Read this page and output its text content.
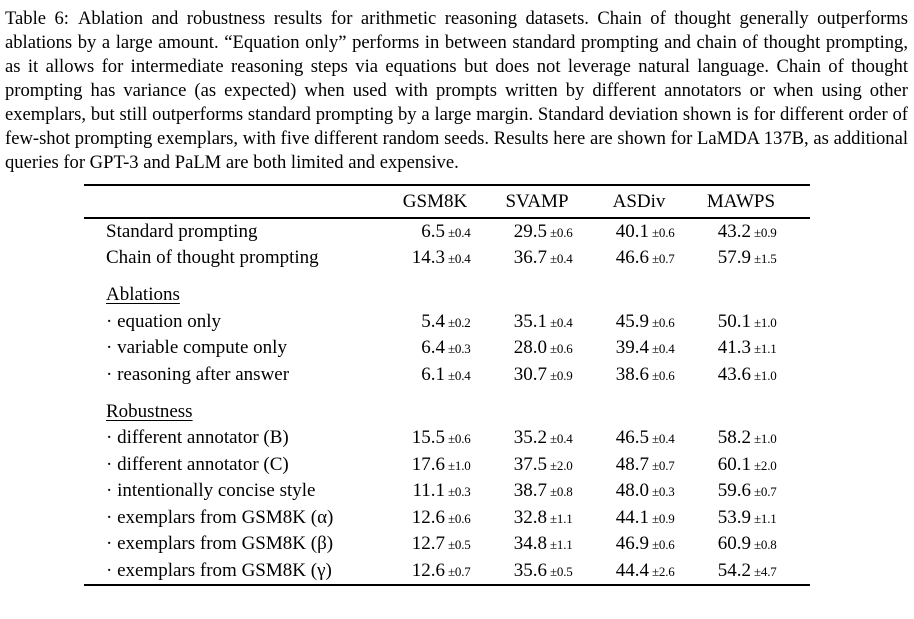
Table 6: Ablation and robustness results for arithmetic reasoning datasets. Chain of thought generally outperforms ablations by a large amount. “Equation only” performs in between standard prompting and chain of thought prompting, as it allows for intermediate reasoning steps via equations but does not leverage natural language. Chain of thought prompting has variance (as expected) when used with prompts written by different annotators or when using other exemplars, but still outperforms standard prompting by a large margin. Standard deviation shown is for different order of few-shot prompting exemplars, with five different random seeds. Results here are shown for LaMDA 137B, as additional queries for GPT-3 and PaLM are both limited and expensive.

GSM8K	SVAMP	ASDiv	MAWPS
Standard prompting	6.5 ±0.4	29.5 ±0.6	40.1 ±0.6	43.2 ±0.9
Chain of thought prompting	14.3 ±0.4	36.7 ±0.4	46.6 ±0.7	57.9 ±1.5
Ablations
· equation only	5.4 ±0.2	35.1 ±0.4	45.9 ±0.6	50.1 ±1.0
· variable compute only	6.4 ±0.3	28.0 ±0.6	39.4 ±0.4	41.3 ±1.1
· reasoning after answer	6.1 ±0.4	30.7 ±0.9	38.6 ±0.6	43.6 ±1.0
Robustness
· different annotator (B)	15.5 ±0.6	35.2 ±0.4	46.5 ±0.4	58.2 ±1.0
· different annotator (C)	17.6 ±1.0	37.5 ±2.0	48.7 ±0.7	60.1 ±2.0
· intentionally concise style	11.1 ±0.3	38.7 ±0.8	48.0 ±0.3	59.6 ±0.7
· exemplars from GSM8K (α)	12.6 ±0.6	32.8 ±1.1	44.1 ±0.9	53.9 ±1.1
· exemplars from GSM8K (β)	12.7 ±0.5	34.8 ±1.1	46.9 ±0.6	60.9 ±0.8
· exemplars from GSM8K (γ)	12.6 ±0.7	35.6 ±0.5	44.4 ±2.6	54.2 ±4.7
